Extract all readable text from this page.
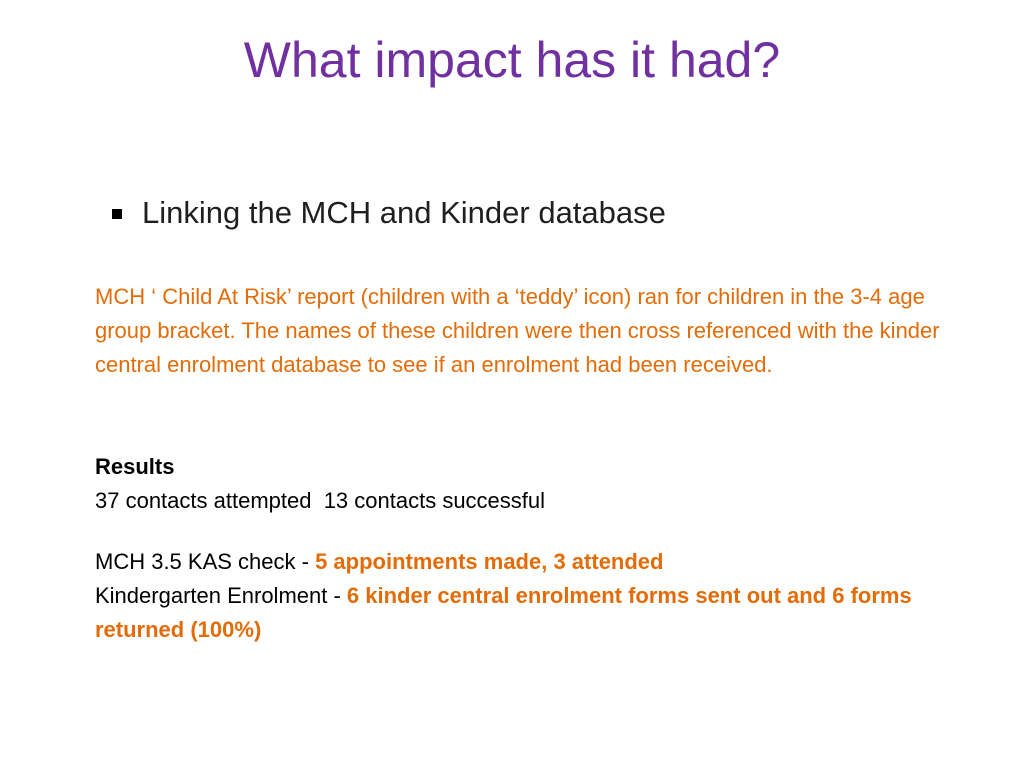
What impact has it had?
Linking the MCH and Kinder database
MCH ‘ Child At Risk’ report (children with a ‘teddy’ icon) ran for children in the 3-4 age group bracket. The names of these children were then cross referenced with the kinder central enrolment database to see if an enrolment had been received.
Results
37 contacts attempted  13 contacts successful
MCH 3.5 KAS check - 5 appointments made, 3 attended
Kindergarten Enrolment - 6 kinder central enrolment forms sent out and 6 forms returned (100%)
